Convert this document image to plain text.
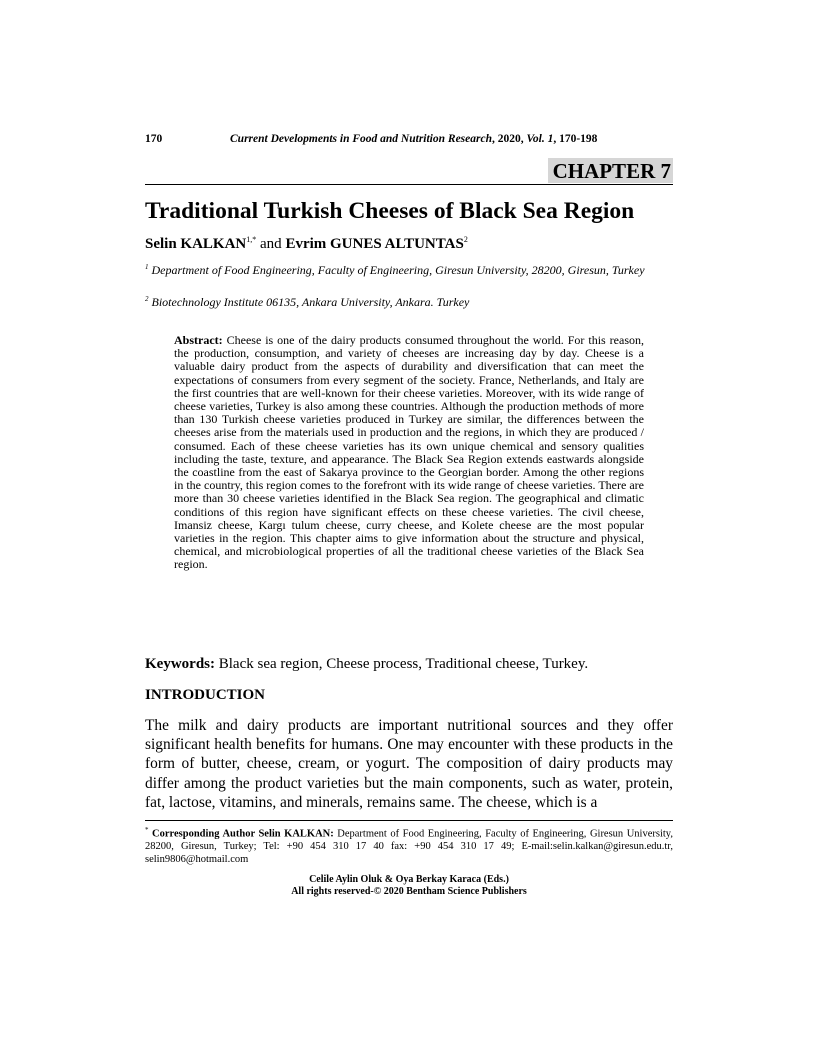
170	Current Developments in Food and Nutrition Research, 2020, Vol. 1, 170-198
CHAPTER 7
Traditional Turkish Cheeses of Black Sea Region
Selin $KALKAN^{1,*}$ and Evrim GUNES ALTUNTAS$^2$
$^1$ Department of Food Engineering, Faculty of Engineering, Giresun University, 28200, Giresun, Turkey
$^2$ Biotechnology Institute 06135, Ankara University, Ankara. Turkey
Abstract: Cheese is one of the dairy products consumed throughout the world. For this reason, the production, consumption, and variety of cheeses are increasing day by day. Cheese is a valuable dairy product from the aspects of durability and diversification that can meet the expectations of consumers from every segment of the society. France, Netherlands, and Italy are the first countries that are well-known for their cheese varieties. Moreover, with its wide range of cheese varieties, Turkey is also among these countries. Although the production methods of more than 130 Turkish cheese varieties produced in Turkey are similar, the differences between the cheeses arise from the materials used in production and the regions, in which they are produced / consumed. Each of these cheese varieties has its own unique chemical and sensory qualities including the taste, texture, and appearance. The Black Sea Region extends eastwards alongside the coastline from the east of Sakarya province to the Georgian border. Among the other regions in the country, this region comes to the forefront with its wide range of cheese varieties. There are more than 30 cheese varieties identified in the Black Sea region. The geographical and climatic conditions of this region have significant effects on these cheese varieties. The civil cheese, Imansiz cheese, Kargı tulum cheese, curry cheese, and Kolete cheese are the most popular varieties in the region. This chapter aims to give information about the structure and physical, chemical, and microbiological properties of all the traditional cheese varieties of the Black Sea region.
Keywords: Black sea region, Cheese process, Traditional cheese, Turkey.
INTRODUCTION
The milk and dairy products are important nutritional sources and they offer significant health benefits for humans. One may encounter with these products in the form of butter, cheese, cream, or yogurt. The composition of dairy products may differ among the product varieties but the main components, such as water, protein, fat, lactose, vitamins, and minerals, remains same. The cheese, which is a
* Corresponding Author Selin KALKAN: Department of Food Engineering, Faculty of Engineering, Giresun University, 28200, Giresun, Turkey; Tel: +90 454 310 17 40 fax: +90 454 310 17 49; E-mail:selin.kalkan@giresun.edu.tr, selin9806@hotmail.com
Celile Aylin Oluk & Oya Berkay Karaca (Eds.)
All rights reserved-© 2020 Bentham Science Publishers
